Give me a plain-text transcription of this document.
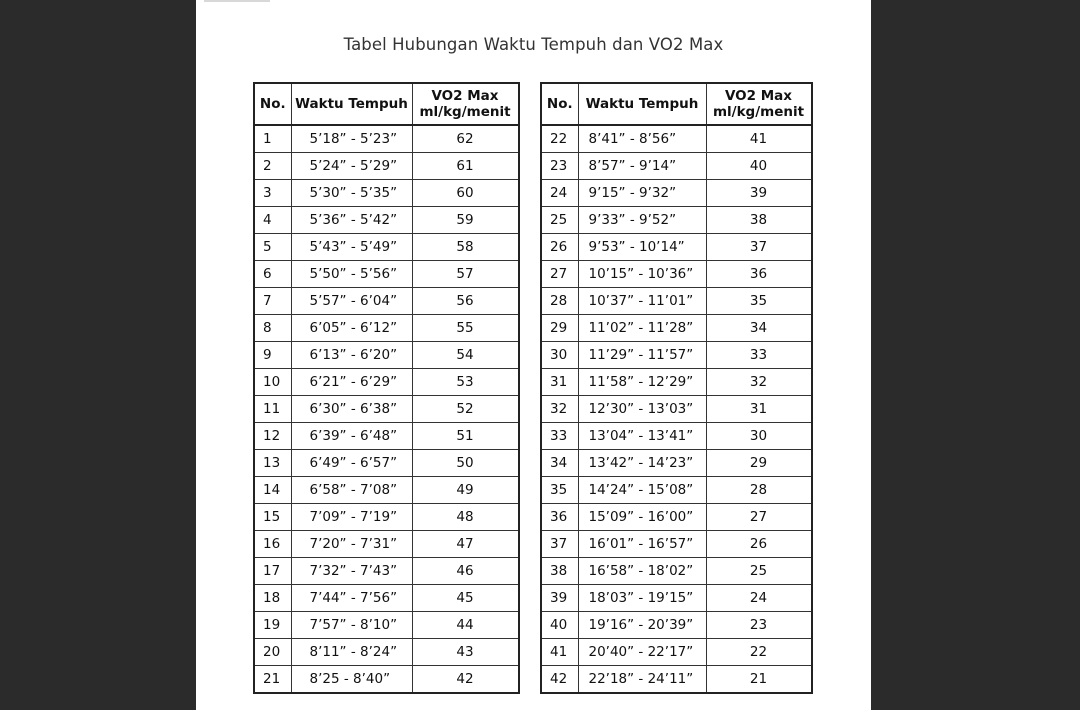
Tabel Hubungan Waktu Tempuh dan VO2 Max
No.	Waktu Tempuh	VO2 Max
ml/kg/menit
1	5’18” - 5’23”	62
2	5’24” - 5’29”	61
3	5’30” - 5’35”	60
4	5’36” - 5’42”	59
5	5’43” - 5’49”	58
6	5’50” - 5’56”	57
7	5’57” - 6’04”	56
8	6’05” - 6’12”	55
9	6’13” - 6’20”	54
10	6’21” - 6’29”	53
11	6’30” - 6’38”	52
12	6’39” - 6’48”	51
13	6’49” - 6’57”	50
14	6’58” - 7’08”	49
15	7’09” - 7’19”	48
16	7’20” - 7’31”	47
17	7’32” - 7’43”	46
18	7’44” - 7’56”	45
19	7’57” - 8’10”	44
20	8’11” - 8’24”	43
21	8’25 - 8’40”	42
No.	Waktu Tempuh	VO2 Max
ml/kg/menit
22	8’41” - 8’56”	41
23	8’57” - 9’14”	40
24	9’15” - 9’32”	39
25	9’33” - 9’52”	38
26	9’53” - 10’14”	37
27	10’15” - 10’36”	36
28	10’37” - 11’01”	35
29	11’02” - 11’28”	34
30	11’29” - 11’57”	33
31	11’58” - 12’29”	32
32	12’30” - 13’03”	31
33	13’04” - 13’41”	30
34	13’42” - 14’23”	29
35	14’24” - 15’08”	28
36	15’09” - 16’00”	27
37	16’01” - 16’57”	26
38	16’58” - 18’02”	25
39	18’03” - 19’15”	24
40	19’16” - 20’39”	23
41	20’40” - 22’17”	22
42	22’18” - 24’11”	21
